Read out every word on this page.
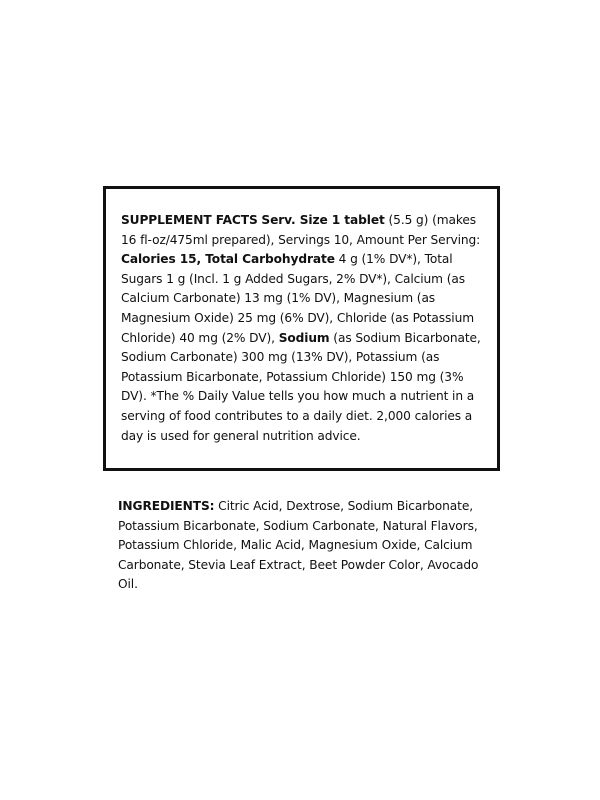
SUPPLEMENT FACTS Serv. Size 1 tablet (5.5 g) (makes 16 fl-oz/475ml prepared), Servings 10, Amount Per Serving: Calories 15, Total Carbohydrate 4 g (1% DV*), Total Sugars 1 g (Incl. 1 g Added Sugars, 2% DV*), Calcium (as Calcium Carbonate) 13 mg (1% DV), Magnesium (as Magnesium Oxide) 25 mg (6% DV), Chloride (as Potassium Chloride) 40 mg (2% DV), Sodium (as Sodium Bicarbonate, Sodium Carbonate) 300 mg (13% DV), Potassium (as Potassium Bicarbonate, Potassium Chloride) 150 mg (3% DV). *The % Daily Value tells you how much a nutrient in a serving of food contributes to a daily diet. 2,000 calories a day is used for general nutrition advice.

INGREDIENTS: Citric Acid, Dextrose, Sodium Bicarbonate, Potassium Bicarbonate, Sodium Carbonate, Natural Flavors, Potassium Chloride, Malic Acid, Magnesium Oxide, Calcium Carbonate, Stevia Leaf Extract, Beet Powder Color, Avocado Oil.
